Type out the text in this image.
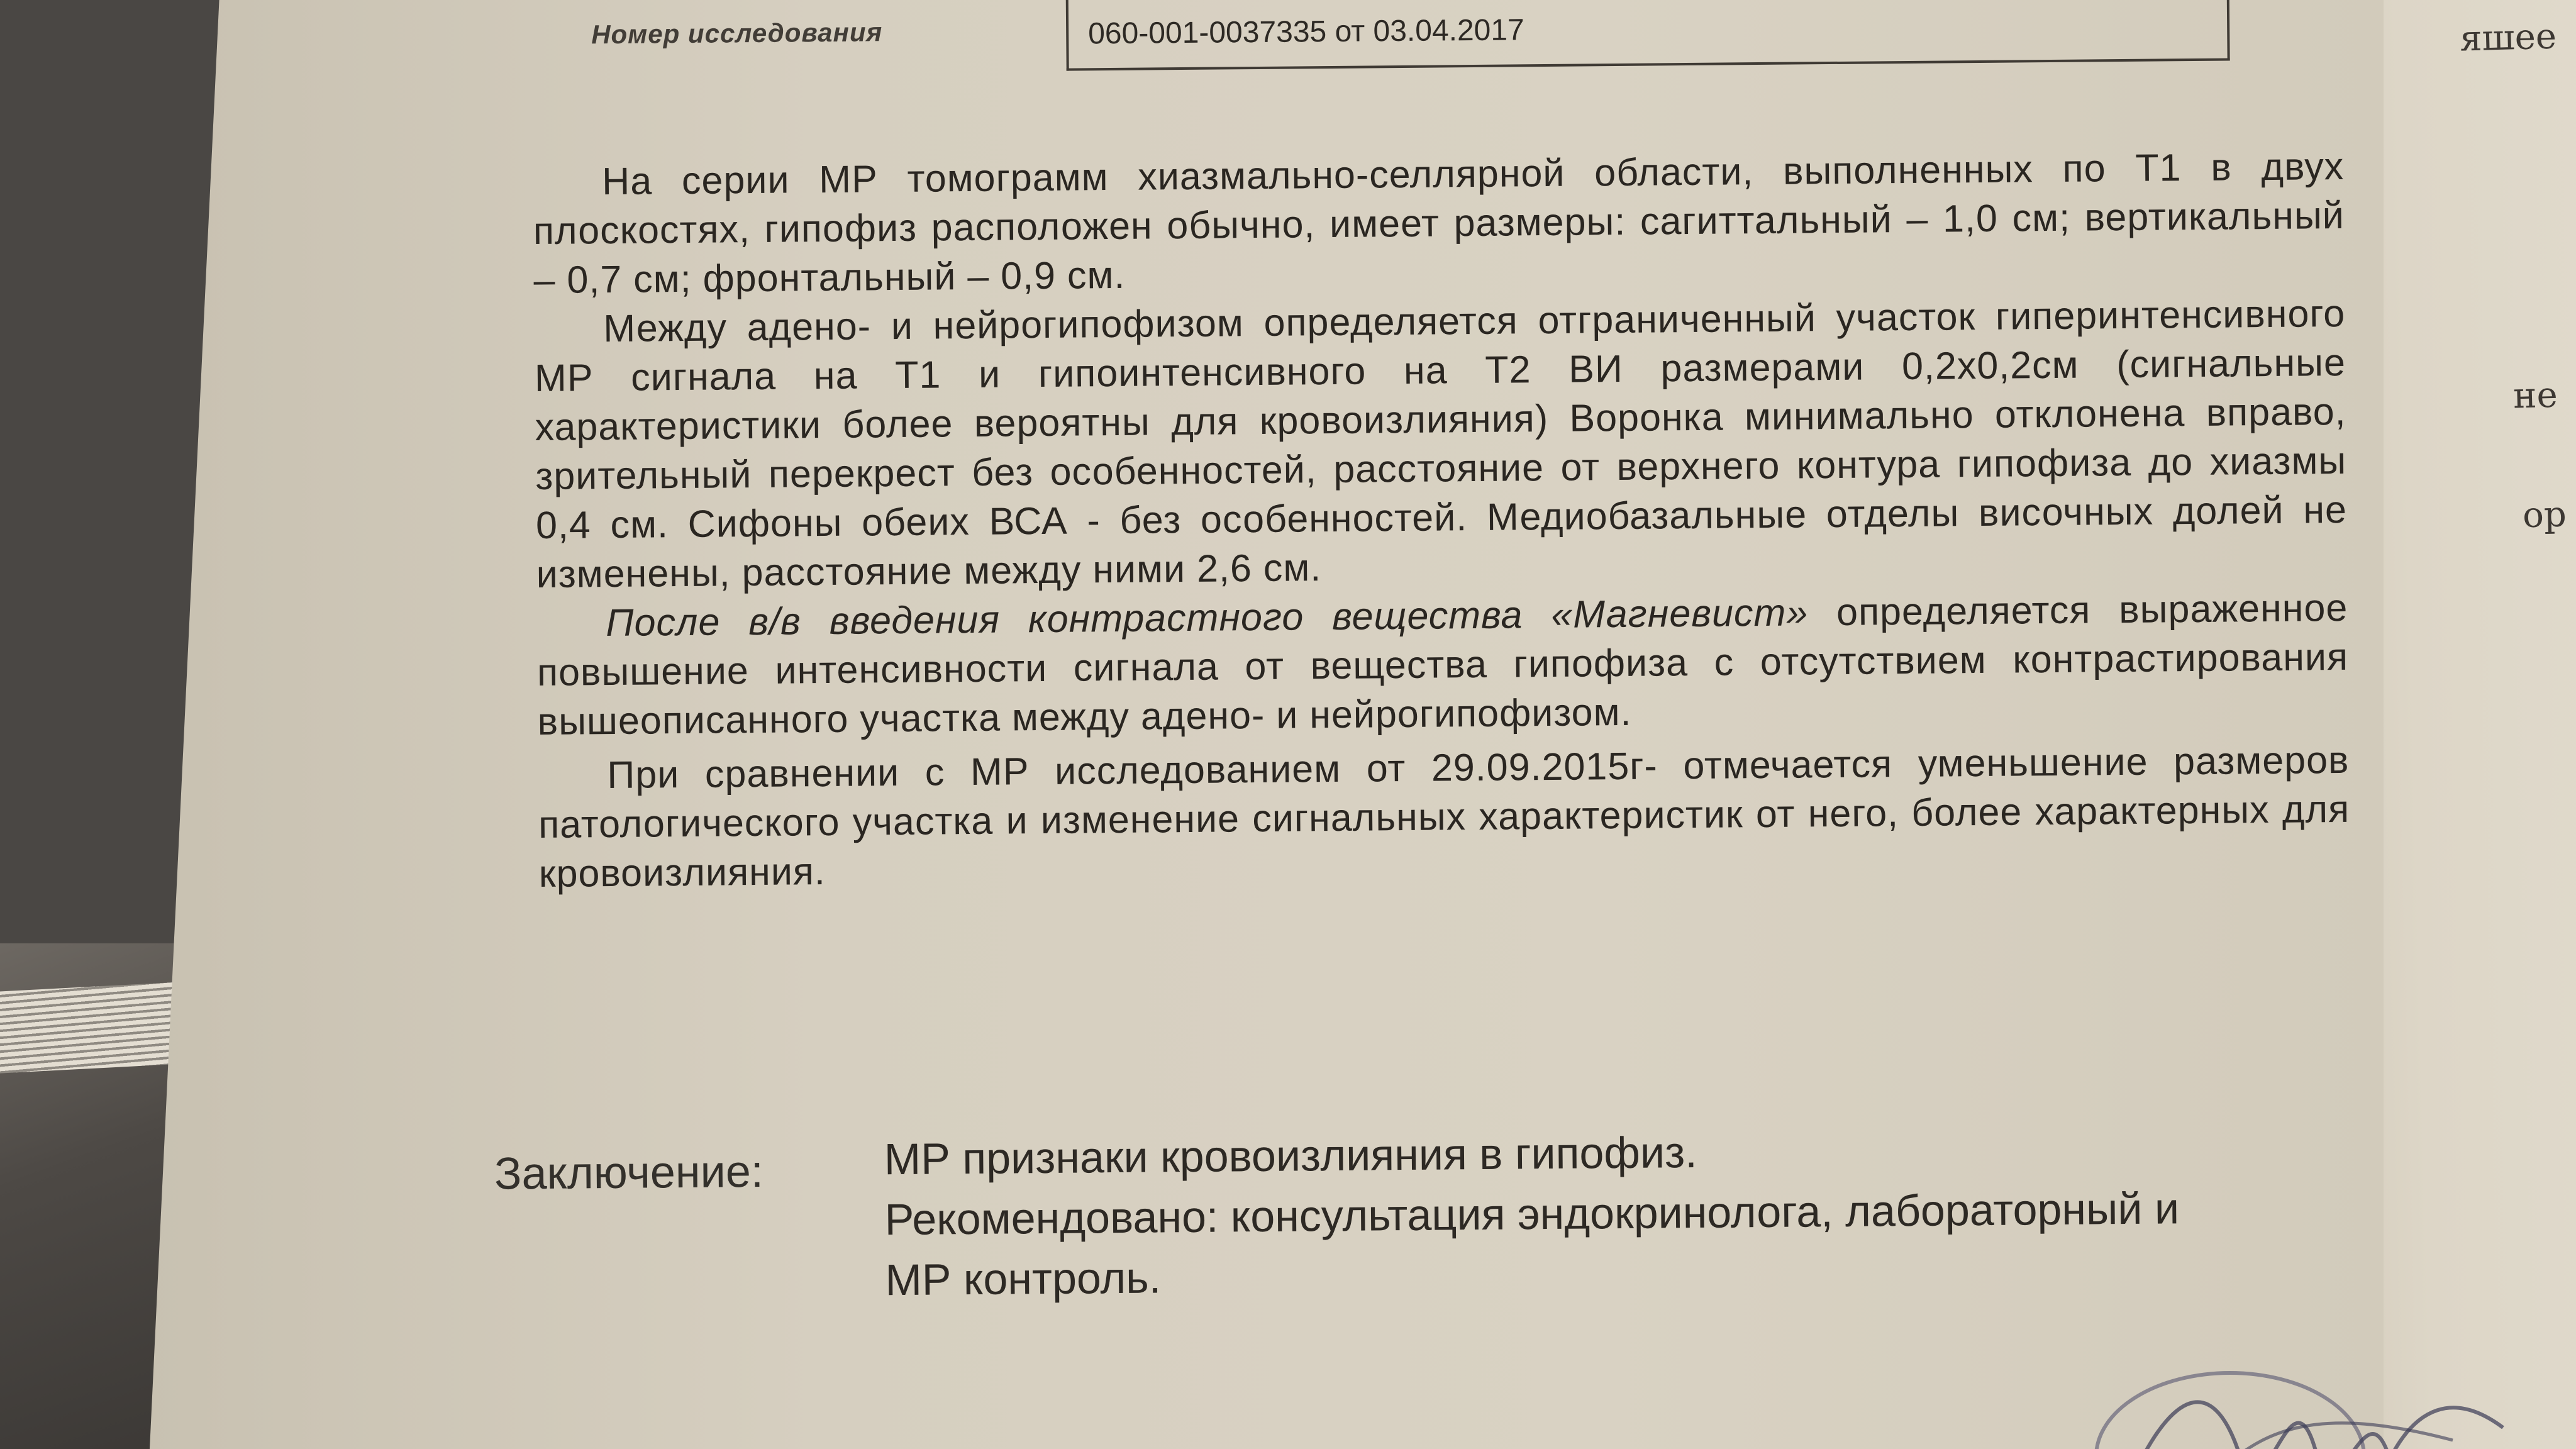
яшее
не
ор
Номер исследования	060-001-0037335 от 03.04.2017

На серии МР томограмм хиазмально-селлярной области, выполненных по Т1 в двух плоскостях, гипофиз расположен обычно, имеет размеры: сагиттальный – 1,0 см; вертикальный – 0,7 см; фронтальный – 0,9 см.

Между адено- и нейрогипофизом определяется отграниченный участок гиперинтенсивного МР сигнала на Т1 и гипоинтенсивного на Т2 ВИ размерами 0,2х0,2см (сигнальные характеристики более вероятны для кровоизлияния) Воронка минимально отклонена вправо, зрительный перекрест без особенностей, расстояние от верхнего контура гипофиза до хиазмы 0,4 см. Сифоны обеих ВСА - без особенностей. Медиобазальные отделы височных долей не изменены, расстояние между ними 2,6 см.

После в/в введения контрастного вещества «Магневист» определяется выраженное повышение интенсивности сигнала от вещества гипофиза с отсутствием контрастирования вышеописанного участка между адено- и нейрогипофизом.

При сравнении с МР исследованием от 29.09.2015г- отмечается уменьшение размеров патологического участка и изменение сигнальных характеристик от него, более характерных для кровоизлияния.

Заключение:	МР признаки кровоизлияния в гипофиз.
Рекомендовано: консультация эндокринолога, лабораторный и
МР контроль.
